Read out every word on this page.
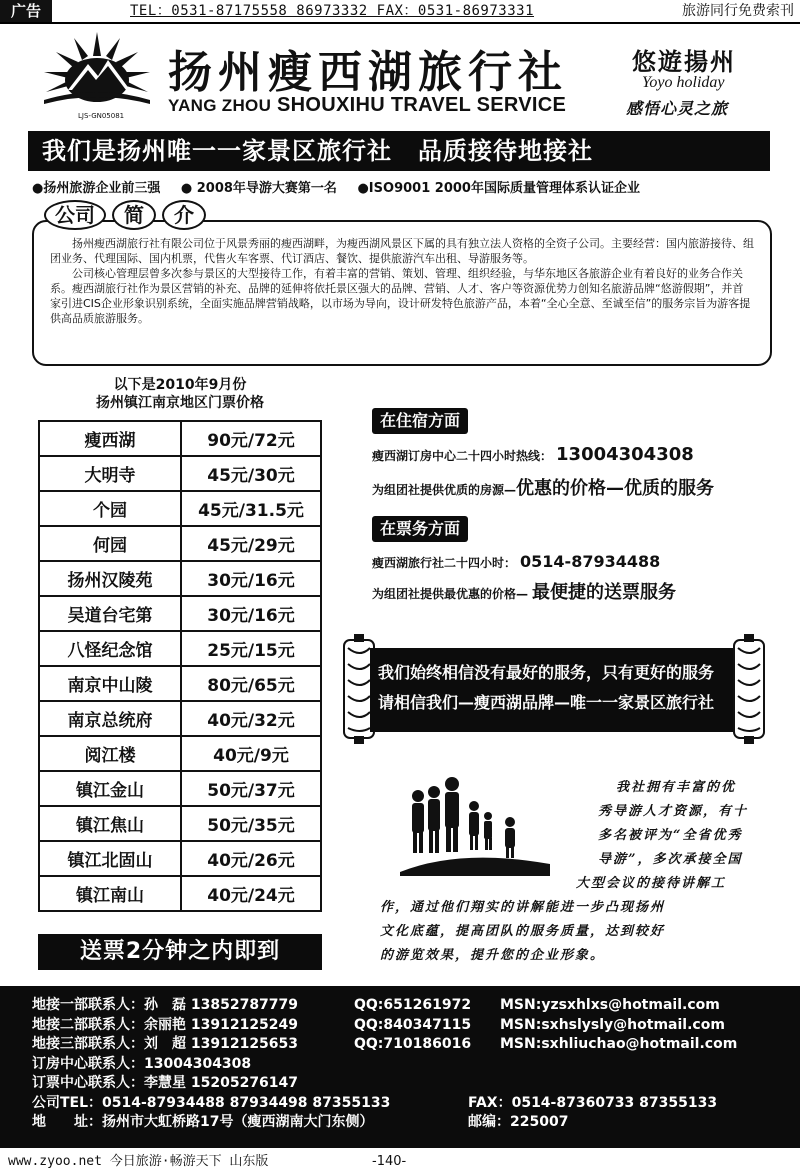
广告	TEL：0531-87175558 86973332 FAX：0531-86973331	旅游同行免费索刊
LJS-GN05081
扬州瘦西湖旅行社
YANG ZHOU SHOUXIHU TRAVEL SERVICE
悠遊揚州
Yoyo holiday
感悟心灵之旅
我们是扬州唯一一家景区旅行社 品质接待地接社
●扬州旅游企业前三强 ● 2008年导游大赛第一名 ●ISO9001 2000年国际质量管理体系认证企业

扬州瘦西湖旅行社有限公司位于风景秀丽的瘦西湖畔，为瘦西湖风景区下属的具有独立法人资格的全资子公司。主要经营：国内旅游接待、组团业务、代理国际、国内机票，代售火车客票、代订酒店、餐饮、提供旅游汽车出租、导游服务等。

公司核心管理层曾多次参与景区的大型接待工作，有着丰富的营销、策划、管理、组织经验，与华东地区各旅游企业有着良好的业务合作关系。瘦西湖旅行社作为景区营销的补充、品牌的延伸将依托景区强大的品牌、营销、人才、客户等资源优势力创知名旅游品牌“悠游假期”，并首家引进CIS企业形象识别系统，全面实施品牌营销战略，以市场为导向，设计研发特色旅游产品，本着“全心全意、至诚至信”的服务宗旨为游客提供高品质旅游服务。

公司	简	介
以下是2010年9月份
扬州镇江南京地区门票价格
瘦西湖	90元/72元
大明寺	45元/30元
个园	45元/31.5元
何园	45元/29元
扬州汉陵苑	30元/16元
吴道台宅第	30元/16元
八怪纪念馆	25元/15元
南京中山陵	80元/65元
南京总统府	40元/32元
阅江楼	40元/9元
镇江金山	50元/37元
镇江焦山	50元/35元
镇江北固山	40元/26元
镇江南山	40元/24元
送票2分钟之内即到
在住宿方面
瘦西湖订房中心二十四小时热线： 13004304308
为组团社提供优质的房源—优惠的价格—优质的服务
在票务方面
瘦西湖旅行社二十四小时： 0514-87934488
为组团社提供最优惠的价格— 最便捷的送票服务
我们始终相信没有最好的服务，只有更好的服务
请相信我们—瘦西湖品牌—唯一一家景区旅行社
我社拥有丰富的优
秀导游人才资源，有十
多名被评为“全省优秀
导游”，多次承接全国
大型会议的接待讲解工
作，通过他们翔实的讲解能进一步凸现扬州
文化底蕴，提高团队的服务质量，达到较好
的游览效果，提升您的企业形象。
地接一部联系人：孙　磊 13852787779	QQ:651261972 MSN:yzsxhlxs@hotmail.com
地接二部联系人：余丽艳 13912125249	QQ:840347115 MSN:sxhslysly@hotmail.com
地接三部联系人：刘　超 13912125653	QQ:710186016 MSN:sxhliuchao@hotmail.com
订房中心联系人：13004304308
订票中心联系人：李慧星 15205276147
公司TEL：0514-87934488 87934498 87355133	FAX：0514-87360733 87355133
地　　址：扬州市大虹桥路17号（瘦西湖南大门东侧）	邮编：225007
www.zyoo.net 今日旅游·畅游天下 山东版	-140-
